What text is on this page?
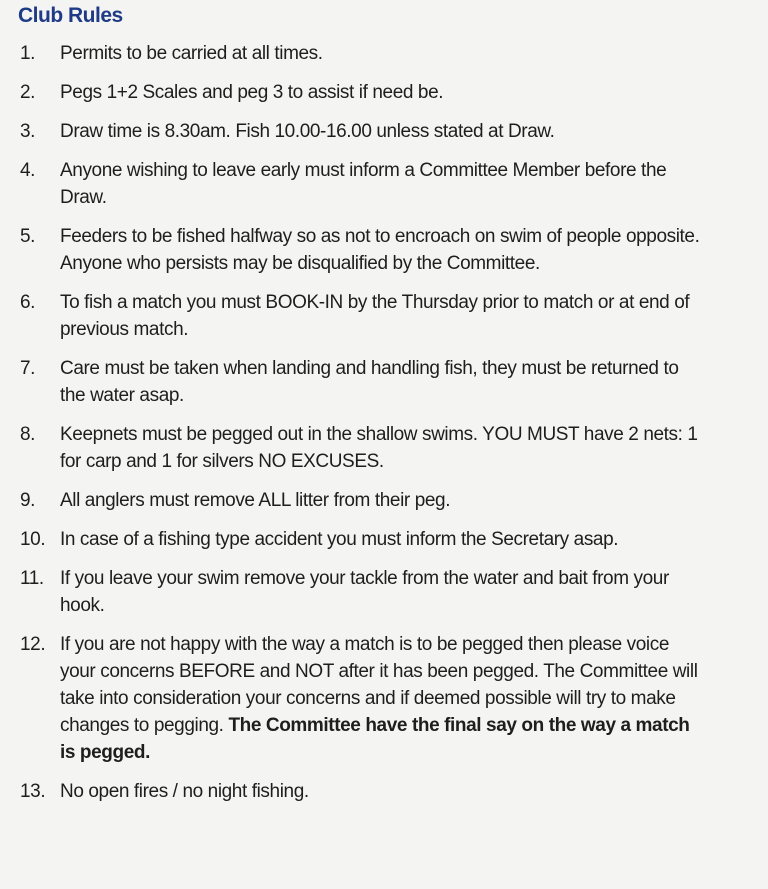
Club Rules

1. Permits to be carried at all times.

2. Pegs 1+2 Scales and peg 3 to assist if need be.

3. Draw time is 8.30am. Fish 10.00-16.00 unless stated at Draw.

4. Anyone wishing to leave early must inform a Committee Member before the Draw.

5. Feeders to be fished halfway so as not to encroach on swim of people opposite. Anyone who persists may be disqualified by the Committee.

6. To fish a match you must BOOK-IN by the Thursday prior to match or at end of previous match.

7. Care must be taken when landing and handling fish, they must be returned to the water asap.

8. Keepnets must be pegged out in the shallow swims. YOU MUST have 2 nets: 1 for carp and 1 for silvers NO EXCUSES.

9. All anglers must remove ALL litter from their peg.

10. In case of a fishing type accident you must inform the Secretary asap.

11. If you leave your swim remove your tackle from the water and bait from your hook.

12. If you are not happy with the way a match is to be pegged then please voice your concerns BEFORE and NOT after it has been pegged. The Committee will take into consideration your concerns and if deemed possible will try to make changes to pegging. The Committee have the final say on the way a match is pegged.

13. No open fires / no night fishing.
